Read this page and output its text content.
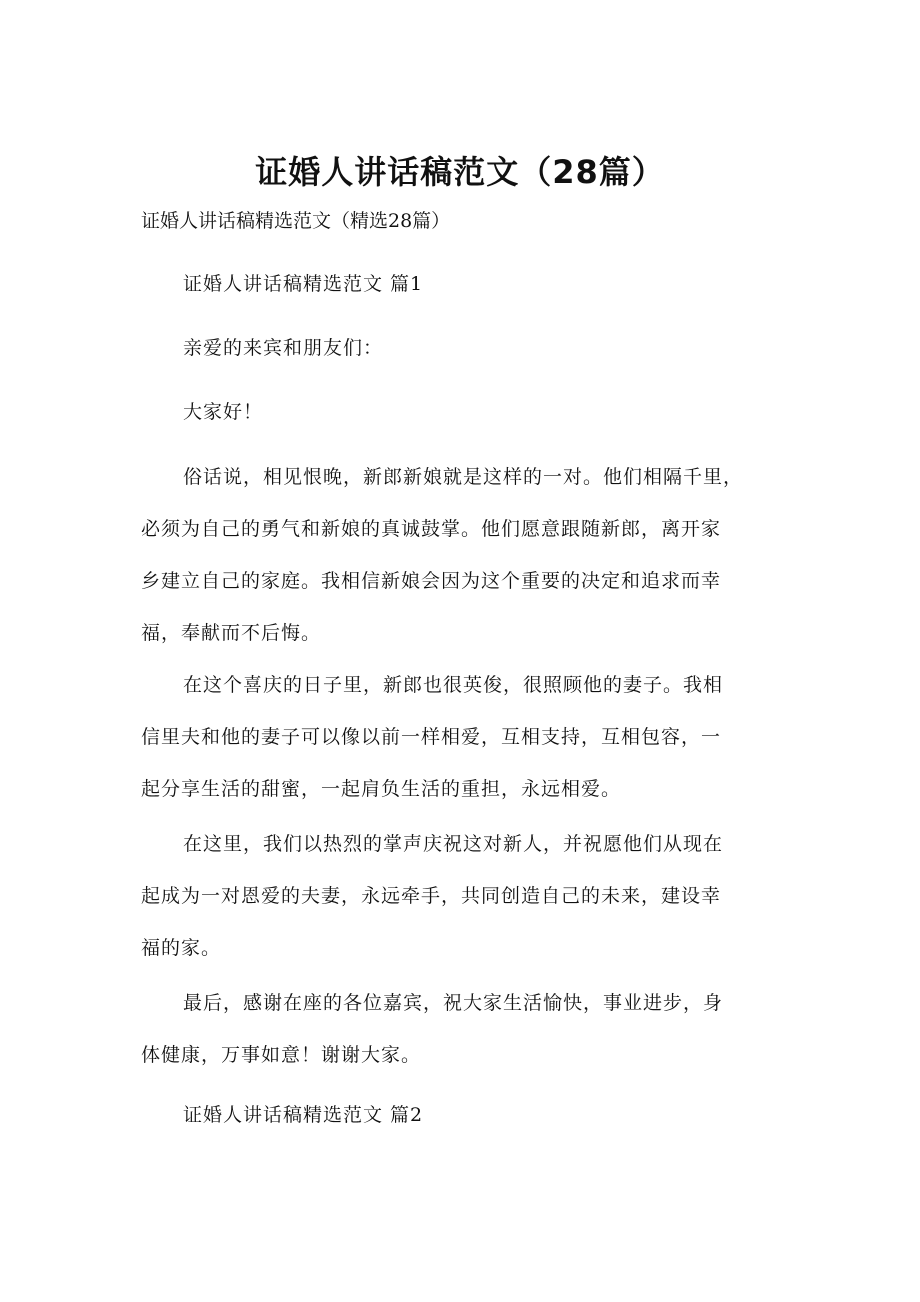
证婚人讲话稿范文（28篇）

证婚人讲话稿精选范文（精选28篇）

证婚人讲话稿精选范文 篇1

亲爱的来宾和朋友们：

大家好！

俗话说，相见恨晚，新郎新娘就是这样的一对。他们相隔千里，
必须为自己的勇气和新娘的真诚鼓掌。他们愿意跟随新郎，离开家
乡建立自己的家庭。我相信新娘会因为这个重要的决定和追求而幸
福，奉献而不后悔。
在这个喜庆的日子里，新郎也很英俊，很照顾他的妻子。我相
信里夫和他的妻子可以像以前一样相爱，互相支持，互相包容，一
起分享生活的甜蜜，一起肩负生活的重担，永远相爱。
在这里，我们以热烈的掌声庆祝这对新人，并祝愿他们从现在
起成为一对恩爱的夫妻，永远牵手，共同创造自己的未来，建设幸
福的家。
最后，感谢在座的各位嘉宾，祝大家生活愉快，事业进步，身
体健康，万事如意！谢谢大家。

证婚人讲话稿精选范文 篇2
